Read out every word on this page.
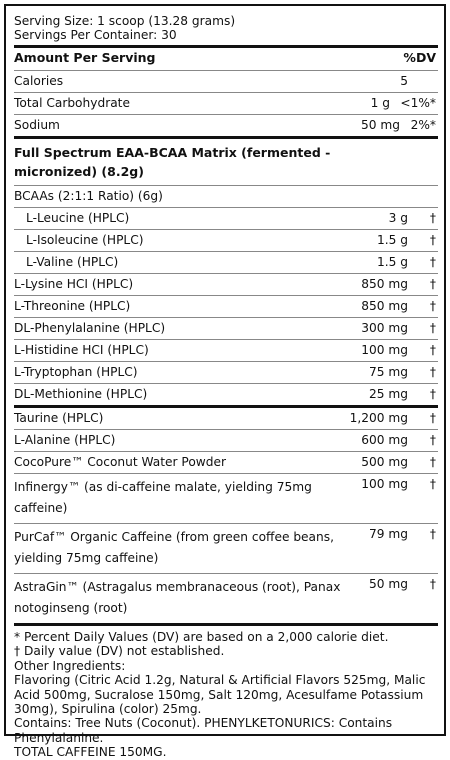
Serving Size: 1 scoop (13.28 grams)
Servings Per Container: 30
Amount Per Serving	%DV
Calories	5
Total Carbohydrate	1 g <1%*
Sodium	50 mg 2%*
Full Spectrum EAA-BCAA Matrix (fermented - micronized) (8.2g)
BCAAs (2:1:1 Ratio) (6g)
L-Leucine (HPLC)	3 g †
L-Isoleucine (HPLC)	1.5 g †
L-Valine (HPLC)	1.5 g †
L-Lysine HCI (HPLC)	850 mg †
L-Threonine (HPLC)	850 mg †
DL-Phenylalanine (HPLC)	300 mg †
L-Histidine HCI (HPLC)	100 mg †
L-Tryptophan (HPLC)	75 mg †
DL-Methionine (HPLC)	25 mg †
Taurine (HPLC)	1,200 mg †
L-Alanine (HPLC)	600 mg †
CocoPure™ Coconut Water Powder	500 mg †
Infinergy™ (as di-caffeine malate, yielding 75mg caffeine)
100 mg †
PurCaf™ Organic Caffeine (from green coffee beans, yielding 75mg caffeine)
79 mg †
AstraGin™ (Astragalus membranaceous (root), Panax notoginseng (root)
50 mg †
* Percent Daily Values (DV) are based on a 2,000 calorie diet.
† Daily value (DV) not established.
Other Ingredients:
Flavoring (Citric Acid 1.2g, Natural & Artificial Flavors 525mg, Malic Acid 500mg, Sucralose 150mg, Salt 120mg, Acesulfame Potassium 30mg), Spirulina (color) 25mg.
Contains: Tree Nuts (Coconut). PHENYLKETONURICS: Contains Phenylalanine.
TOTAL CAFFEINE 150MG.
